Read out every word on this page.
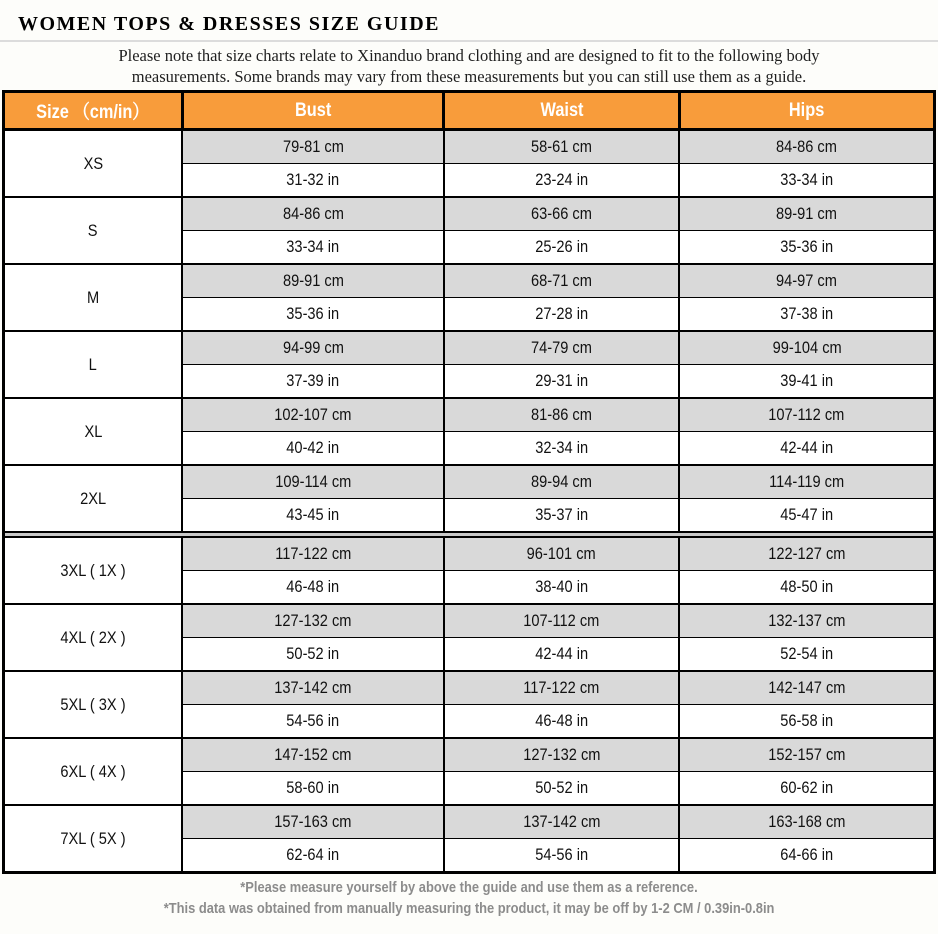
WOMEN TOPS & DRESSES SIZE GUIDE
Please note that size charts relate to Xinanduo brand clothing and are designed to fit to the following body
measurements. Some brands may vary from these measurements but you can still use them as a guide.
Size （cm/in）	Bust	Waist	Hips
XS	79-81 cm	58-61 cm	84-86 cm
	31-32 in	23-24 in	33-34 in
S	84-86 cm	63-66 cm	89-91 cm
	33-34 in	25-26 in	35-36 in
M	89-91 cm	68-71 cm	94-97 cm
	35-36 in	27-28 in	37-38 in
L	94-99 cm	74-79 cm	99-104 cm
	37-39 in	29-31 in	39-41 in
XL	102-107 cm	81-86 cm	107-112 cm
	40-42 in	32-34 in	42-44 in
2XL	109-114 cm	89-94 cm	114-119 cm
	43-45 in	35-37 in	45-47 in

3XL ( 1X )	117-122 cm	96-101 cm	122-127 cm
	46-48 in	38-40 in	48-50 in
4XL ( 2X )	127-132 cm	107-112 cm	132-137 cm
	50-52 in	42-44 in	52-54 in
5XL ( 3X )	137-142 cm	117-122 cm	142-147 cm
	54-56 in	46-48 in	56-58 in
6XL ( 4X )	147-152 cm	127-132 cm	152-157 cm
	58-60 in	50-52 in	60-62 in
7XL ( 5X )	157-163 cm	137-142 cm	163-168 cm
	62-64 in	54-56 in	64-66 in
*Please measure yourself by above the guide and use them as a reference.
*This data was obtained from manually measuring the product, it may be off by 1-2 CM / 0.39in-0.8in
